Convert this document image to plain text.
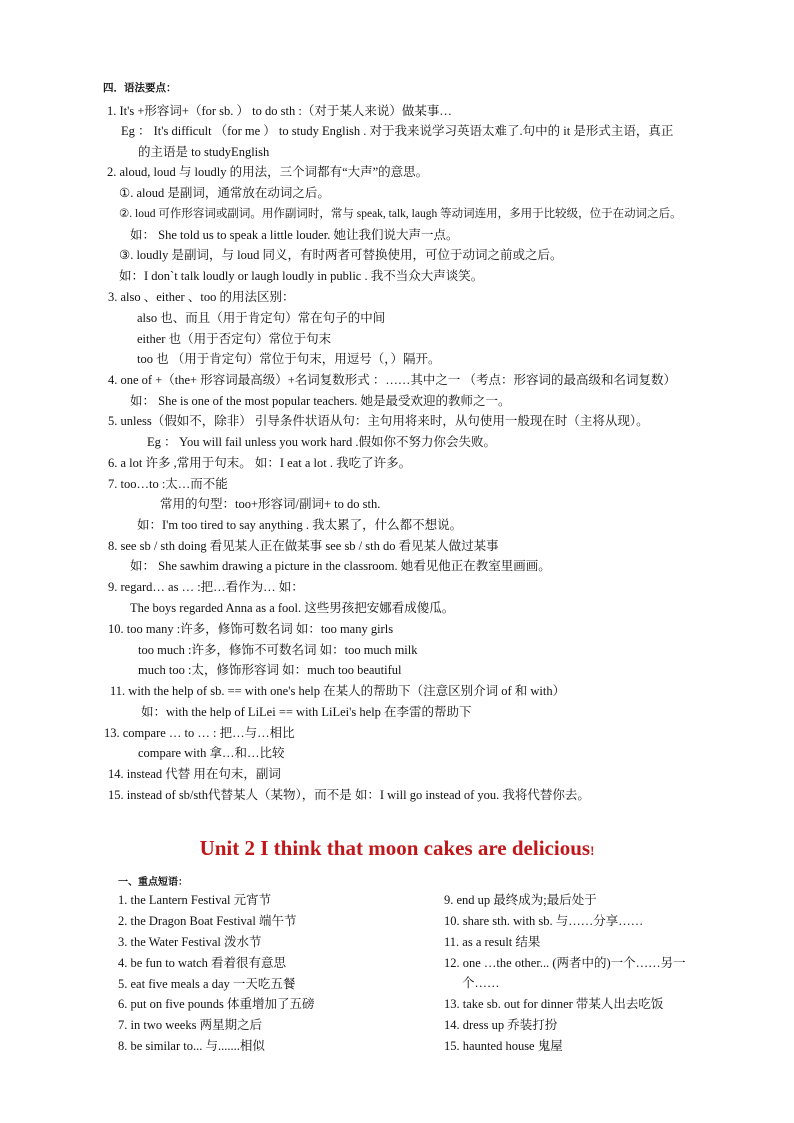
四．语法要点：
1. It's +形容词+（for sb. ） to do sth :（对于某人来说）做某事…
Eg ： It's difficult （for me ） to study English . 对于我来说学习英语太难了.句中的 it 是形式主语，真正
的主语是 to studyEnglish
2. aloud, loud 与 loudly 的用法，三个词都有“大声”的意思。
①. aloud 是副词，通常放在动词之后。
②. loud 可作形容词或副词。用作副词时，常与 speak, talk, laugh 等动词连用，多用于比较级，位于在动词之后。
如： She told us to speak a little louder. 她让我们说大声一点。
③. loudly 是副词，与 loud 同义，有时两者可替换使用，可位于动词之前或之后。
如：I don`t talk loudly or laugh loudly in public . 我不当众大声谈笑。
3. also 、either 、too 的用法区别：
also 也、而且（用于肯定句）常在句子的中间
either 也（用于否定句）常位于句末
too 也 （用于肯定句）常位于句末，用逗号（，）隔开。
4. one of +（the+ 形容词最高级）+名词复数形式 ：……其中之一 （考点：形容词的最高级和名词复数）
如： She is one of the most popular teachers. 她是最受欢迎的教师之一。
5. unless（假如不，除非） 引导条件状语从句：主句用将来时，从句使用一般现在时（主将从现）。
Eg ： You will fail unless you work hard .假如你不努力你会失败。
6. a lot 许多 ,常用于句末。 如：I eat a lot . 我吃了许多。
7. too…to :太…而不能
常用的句型：too+形容词/副词+ to do sth.
如：I'm too tired to say anything . 我太累了，什么都不想说。
8. see sb / sth doing 看见某人正在做某事 see sb / sth do 看见某人做过某事
如： She sawhim drawing a picture in the classroom. 她看见他正在教室里画画。
9. regard… as … :把…看作为… 如：
The boys regarded Anna as a fool. 这些男孩把安娜看成傻瓜。
10. too many :许多，修饰可数名词 如：too many girls
too much :许多，修饰不可数名词 如：too much milk
much too :太，修饰形容词 如：much too beautiful
11. with the help of sb. == with one's help 在某人的帮助下（注意区别介词 of 和 with）
如：with the help of LiLei == with LiLei's help 在李雷的帮助下
13. compare … to … : 把…与…相比
compare with 拿…和…比较
14. instead 代替 用在句末，副词
15. instead of sb/sth代替某人（某物），而不是 如：I will go instead of you. 我将代替你去。
Unit 2 I think that moon cakes are delicious!
一、重点短语：
1. the Lantern Festival 元宵节
2. the Dragon Boat Festival 端午节
3. the Water Festival 泼水节
4. be fun to watch 看着很有意思
5. eat five meals a day 一天吃五餐
6. put on five pounds 体重增加了五磅
7. in two weeks 两星期之后
8. be similar to... 与.......相似
9. end up 最终成为;最后处于
10. share sth. with sb. 与……分享……
11. as a result 结果
12. one …the other... (两者中的)一个……另一
个……
13. take sb. out for dinner 带某人出去吃饭
14. dress up 乔装打扮
15. haunted house 鬼屋
